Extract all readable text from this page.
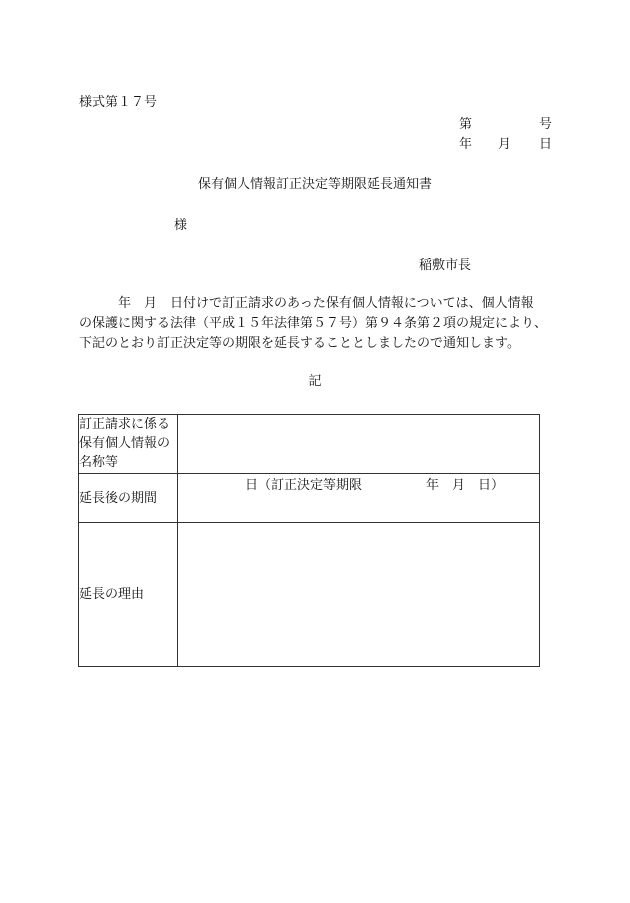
様式第１７号
第	号
年 月 日
保有個人情報訂正決定等期限延長通知書
様
稲敷市長
　　　年　月　日付けで訂正請求のあった保有個人情報については、個人情報
の保護に関する法律（平成１５年法律第５７号）第９４条第２項の規定により、
下記のとおり訂正決定等の期限を延長することとしましたので通知します。
記
訂正請求に係る
保有個人情報の
名称等	

延長後の期間	日（訂正決定等期限 年　月　日）

延長の理由	
